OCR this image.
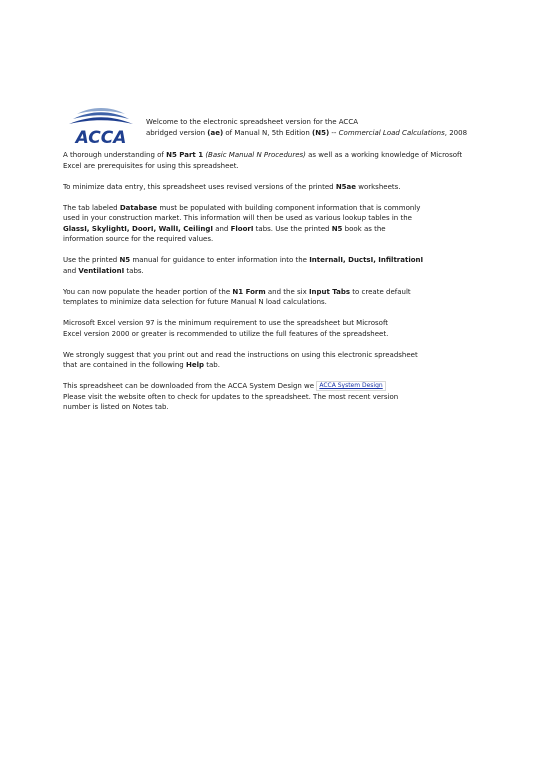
ACCA
Welcome to the electronic spreadsheet version for the ACCA
abridged version (ae) of Manual N, 5th Edition (N5) -- Commercial Load Calculations, 2008

A thorough understanding of N5 Part 1 (Basic Manual N Procedures) as well as a working knowledge of Microsoft
Excel are prerequisites for using this spreadsheet.

To minimize data entry, this spreadsheet uses revised versions of the printed N5ae worksheets.

The tab labeled Database must be populated with building component information that is commonly
used in your construction market. This information will then be used as various lookup tables in the
GlassI, SkylightI, DoorI, WallI, CeilingI and FloorI tabs. Use the printed N5 book as the
information source for the required values.

Use the printed N5 manual for guidance to enter information into the InternalI, DuctsI, InfiltrationI
and VentilationI tabs.

You can now populate the header portion of the N1 Form and the six Input Tabs to create default
templates to minimize data selection for future Manual N load calculations.

Microsoft Excel version 97 is the minimum requirement to use the spreadsheet but Microsoft
Excel version 2000 or greater is recommended to utilize the full features of the spreadsheet.

We strongly suggest that you print out and read the instructions on using this electronic spreadsheet
that are contained in the following Help tab.

This spreadsheet can be downloaded from the ACCA System Design we ACCA System Design
Please visit the website often to check for updates to the spreadsheet. The most recent version
number is listed on Notes tab.
